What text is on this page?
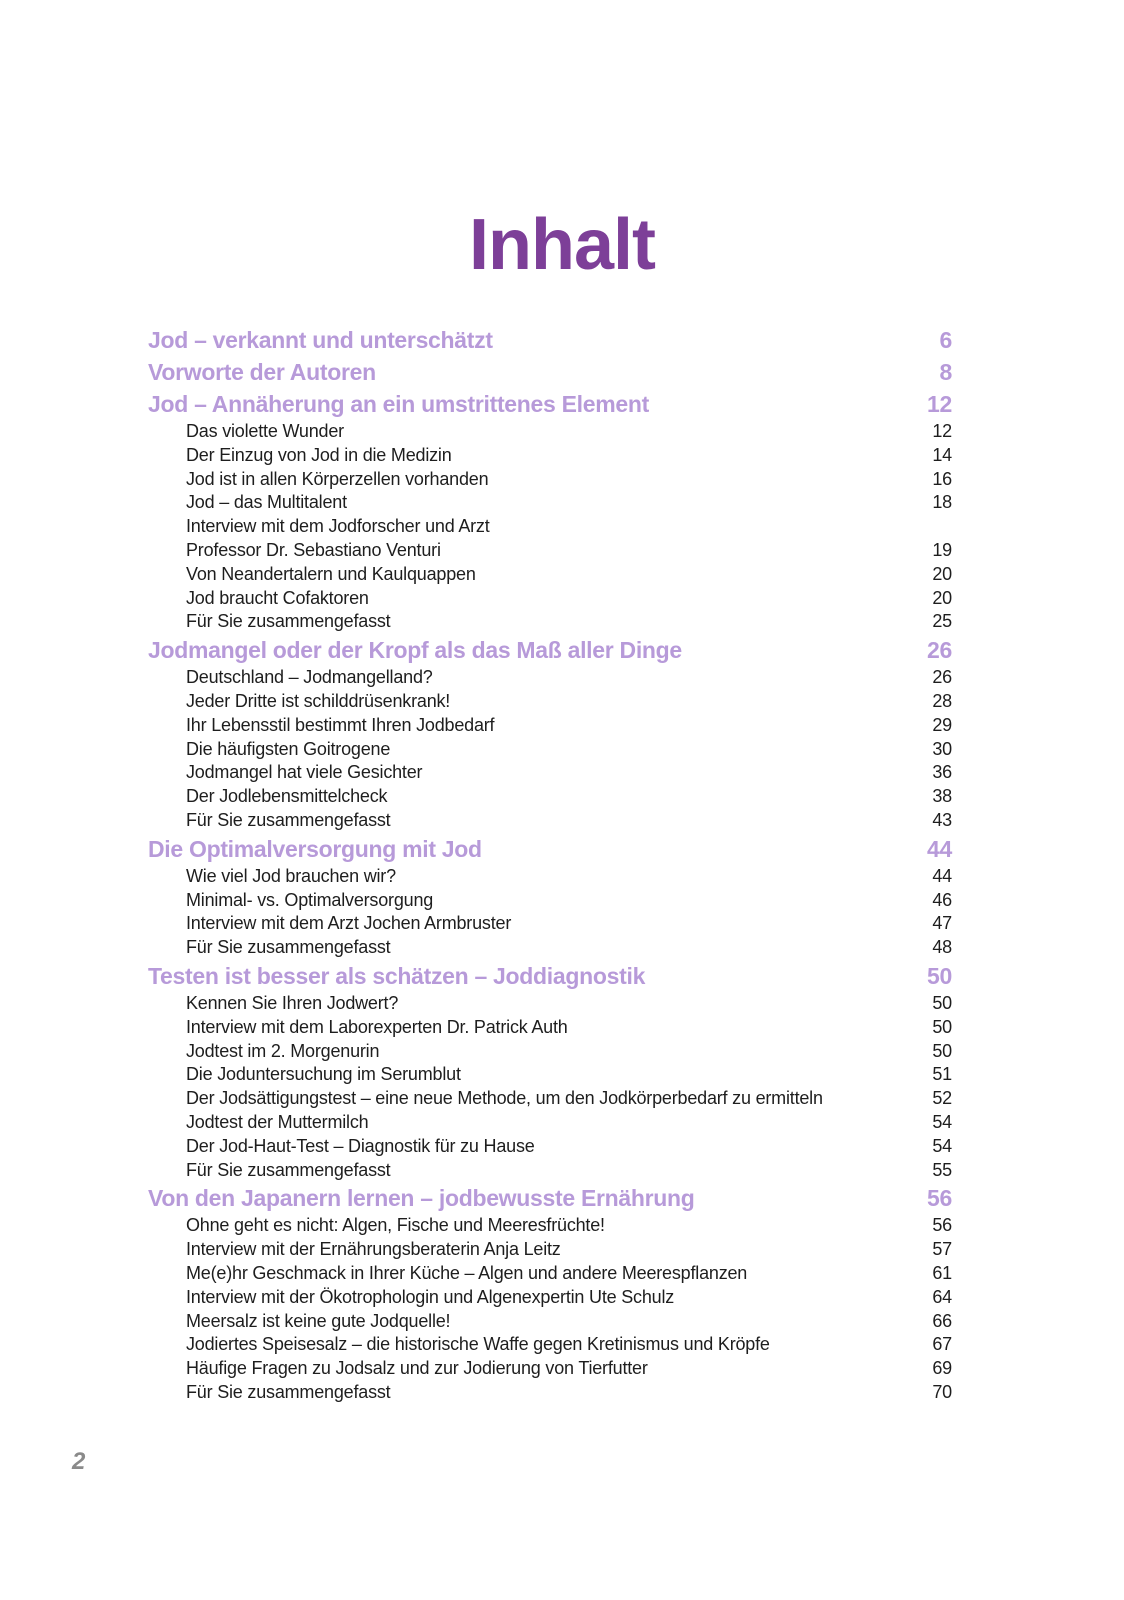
Inhalt
Jod – verkannt und unterschätzt	6
Vorworte der Autoren	8
Jod – Annäherung an ein umstrittenes Element	12
Das violette Wunder	12
Der Einzug von Jod in die Medizin	14
Jod ist in allen Körperzellen vorhanden	16
Jod – das Multitalent	18
Interview mit dem Jodforscher und Arzt
Professor Dr. Sebastiano Venturi	19
Von Neandertalern und Kaulquappen	20
Jod braucht Cofaktoren	20
Für Sie zusammengefasst	25
Jodmangel oder der Kropf als das Maß aller Dinge	26
Deutschland – Jodmangelland?	26
Jeder Dritte ist schilddrüsenkrank!	28
Ihr Lebensstil bestimmt Ihren Jodbedarf	29
Die häufigsten Goitrogene	30
Jodmangel hat viele Gesichter	36
Der Jodlebensmittelcheck	38
Für Sie zusammengefasst	43
Die Optimalversorgung mit Jod	44
Wie viel Jod brauchen wir?	44
Minimal- vs. Optimalversorgung	46
Interview mit dem Arzt Jochen Armbruster	47
Für Sie zusammengefasst	48
Testen ist besser als schätzen – Joddiagnostik	50
Kennen Sie Ihren Jodwert?	50
Interview mit dem Laborexperten Dr. Patrick Auth	50
Jodtest im 2. Morgenurin	50
Die Joduntersuchung im Serumblut	51
Der Jodsättigungstest – eine neue Methode, um den Jodkörperbedarf zu ermitteln	52
Jodtest der Muttermilch	54
Der Jod-Haut-Test – Diagnostik für zu Hause	54
Für Sie zusammengefasst	55
Von den Japanern lernen – jodbewusste Ernährung	56
Ohne geht es nicht: Algen, Fische und Meeresfrüchte!	56
Interview mit der Ernährungsberaterin Anja Leitz	57
Me(e)hr Geschmack in Ihrer Küche – Algen und andere Meerespflanzen	61
Interview mit der Ökotrophologin und Algenexpertin Ute Schulz	64
Meersalz ist keine gute Jodquelle!	66
Jodiertes Speisesalz – die historische Waffe gegen Kretinismus und Kröpfe	67
Häufige Fragen zu Jodsalz und zur Jodierung von Tierfutter	69
Für Sie zusammengefasst	70
2
